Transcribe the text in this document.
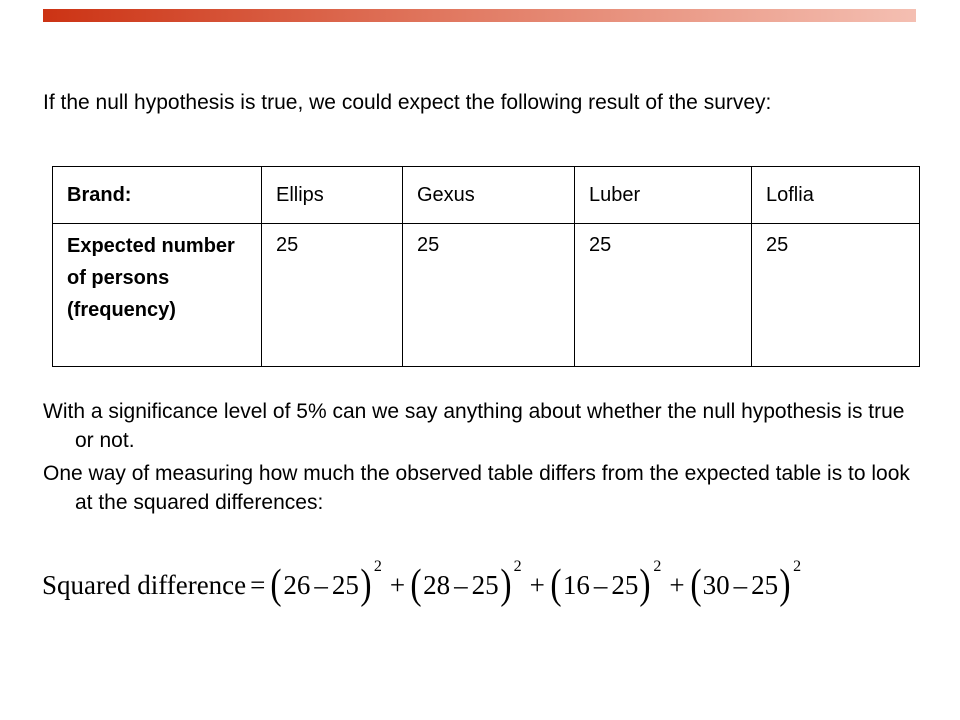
If the null hypothesis is true, we could expect the following result of the survey:

Brand:	Ellips	Gexus	Luber	Loflia
Expected number of persons (frequency)	25	25	25	25

With a significance level of 5% can we say anything about whether the null hypothesis is true or not.

One way of measuring how much the observed table differs from the expected table is to look at the squared differences:

Squared difference = ( 26 – 25 ) 2
+ ( 28 – 25 ) 2
+ ( 16 – 25 ) 2
+ ( 30 – 25 ) 2
